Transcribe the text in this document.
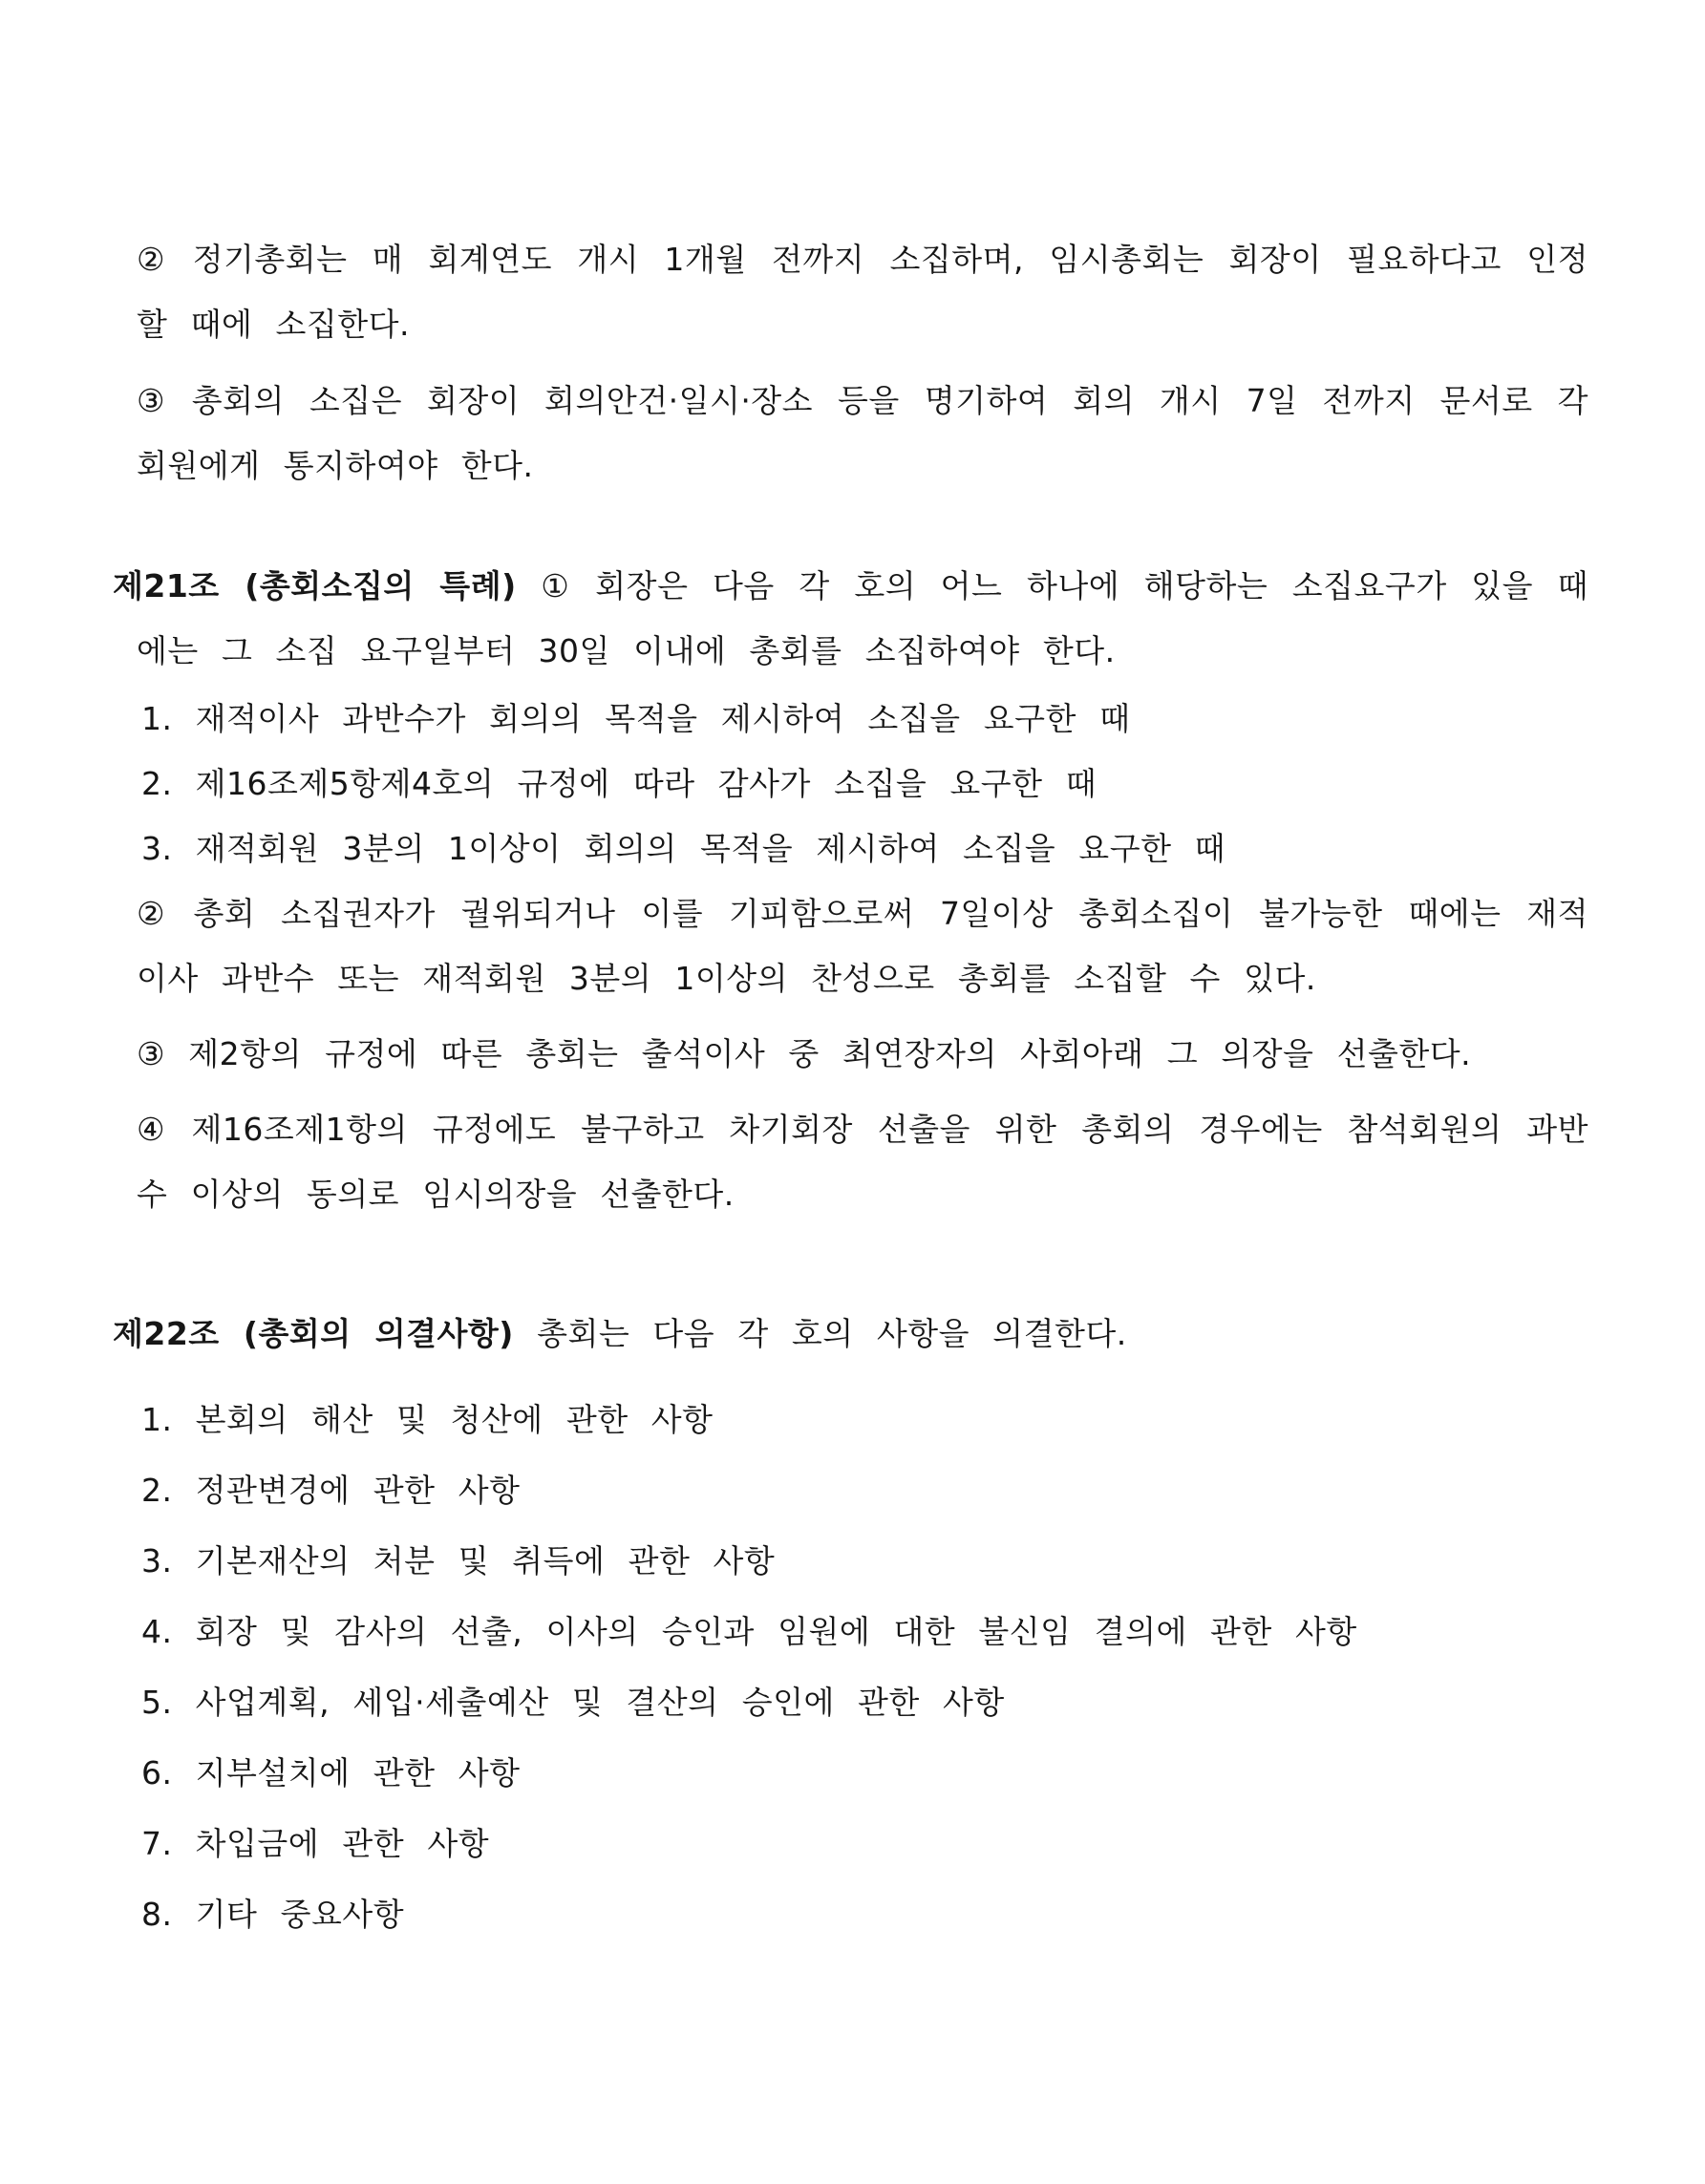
② 정기총회는 매 회계연도 개시 1개월 전까지 소집하며, 임시총회는 회장이 필요하다고 인정할 때에 소집한다.

③ 총회의 소집은 회장이 회의안건·일시·장소 등을 명기하여 회의 개시 7일 전까지 문서로 각 회원에게 통지하여야 한다.

제21조 (총회소집의 특례) ① 회장은 다음 각 호의 어느 하나에 해당하는 소집요구가 있을 때에는 그 소집 요구일부터 30일 이내에 총회를 소집하여야 한다.

1. 재적이사 과반수가 회의의 목적을 제시하여 소집을 요구한 때
2. 제16조제5항제4호의 규정에 따라 감사가 소집을 요구한 때
3. 재적회원 3분의 1이상이 회의의 목적을 제시하여 소집을 요구한 때

② 총회 소집권자가 궐위되거나 이를 기피함으로써 7일이상 총회소집이 불가능한 때에는 재적이사 과반수 또는 재적회원 3분의 1이상의 찬성으로 총회를 소집할 수 있다.

③ 제2항의 규정에 따른 총회는 출석이사 중 최연장자의 사회아래 그 의장을 선출한다.

④ 제16조제1항의 규정에도 불구하고 차기회장 선출을 위한 총회의 경우에는 참석회원의 과반수 이상의 동의로 임시의장을 선출한다.

제22조 (총회의 의결사항) 총회는 다음 각 호의 사항을 의결한다.

1. 본회의 해산 및 청산에 관한 사항
2. 정관변경에 관한 사항
3. 기본재산의 처분 및 취득에 관한 사항
4. 회장 및 감사의 선출, 이사의 승인과 임원에 대한 불신임 결의에 관한 사항
5. 사업계획, 세입·세출예산 및 결산의 승인에 관한 사항
6. 지부설치에 관한 사항
7. 차입금에 관한 사항
8. 기타 중요사항
